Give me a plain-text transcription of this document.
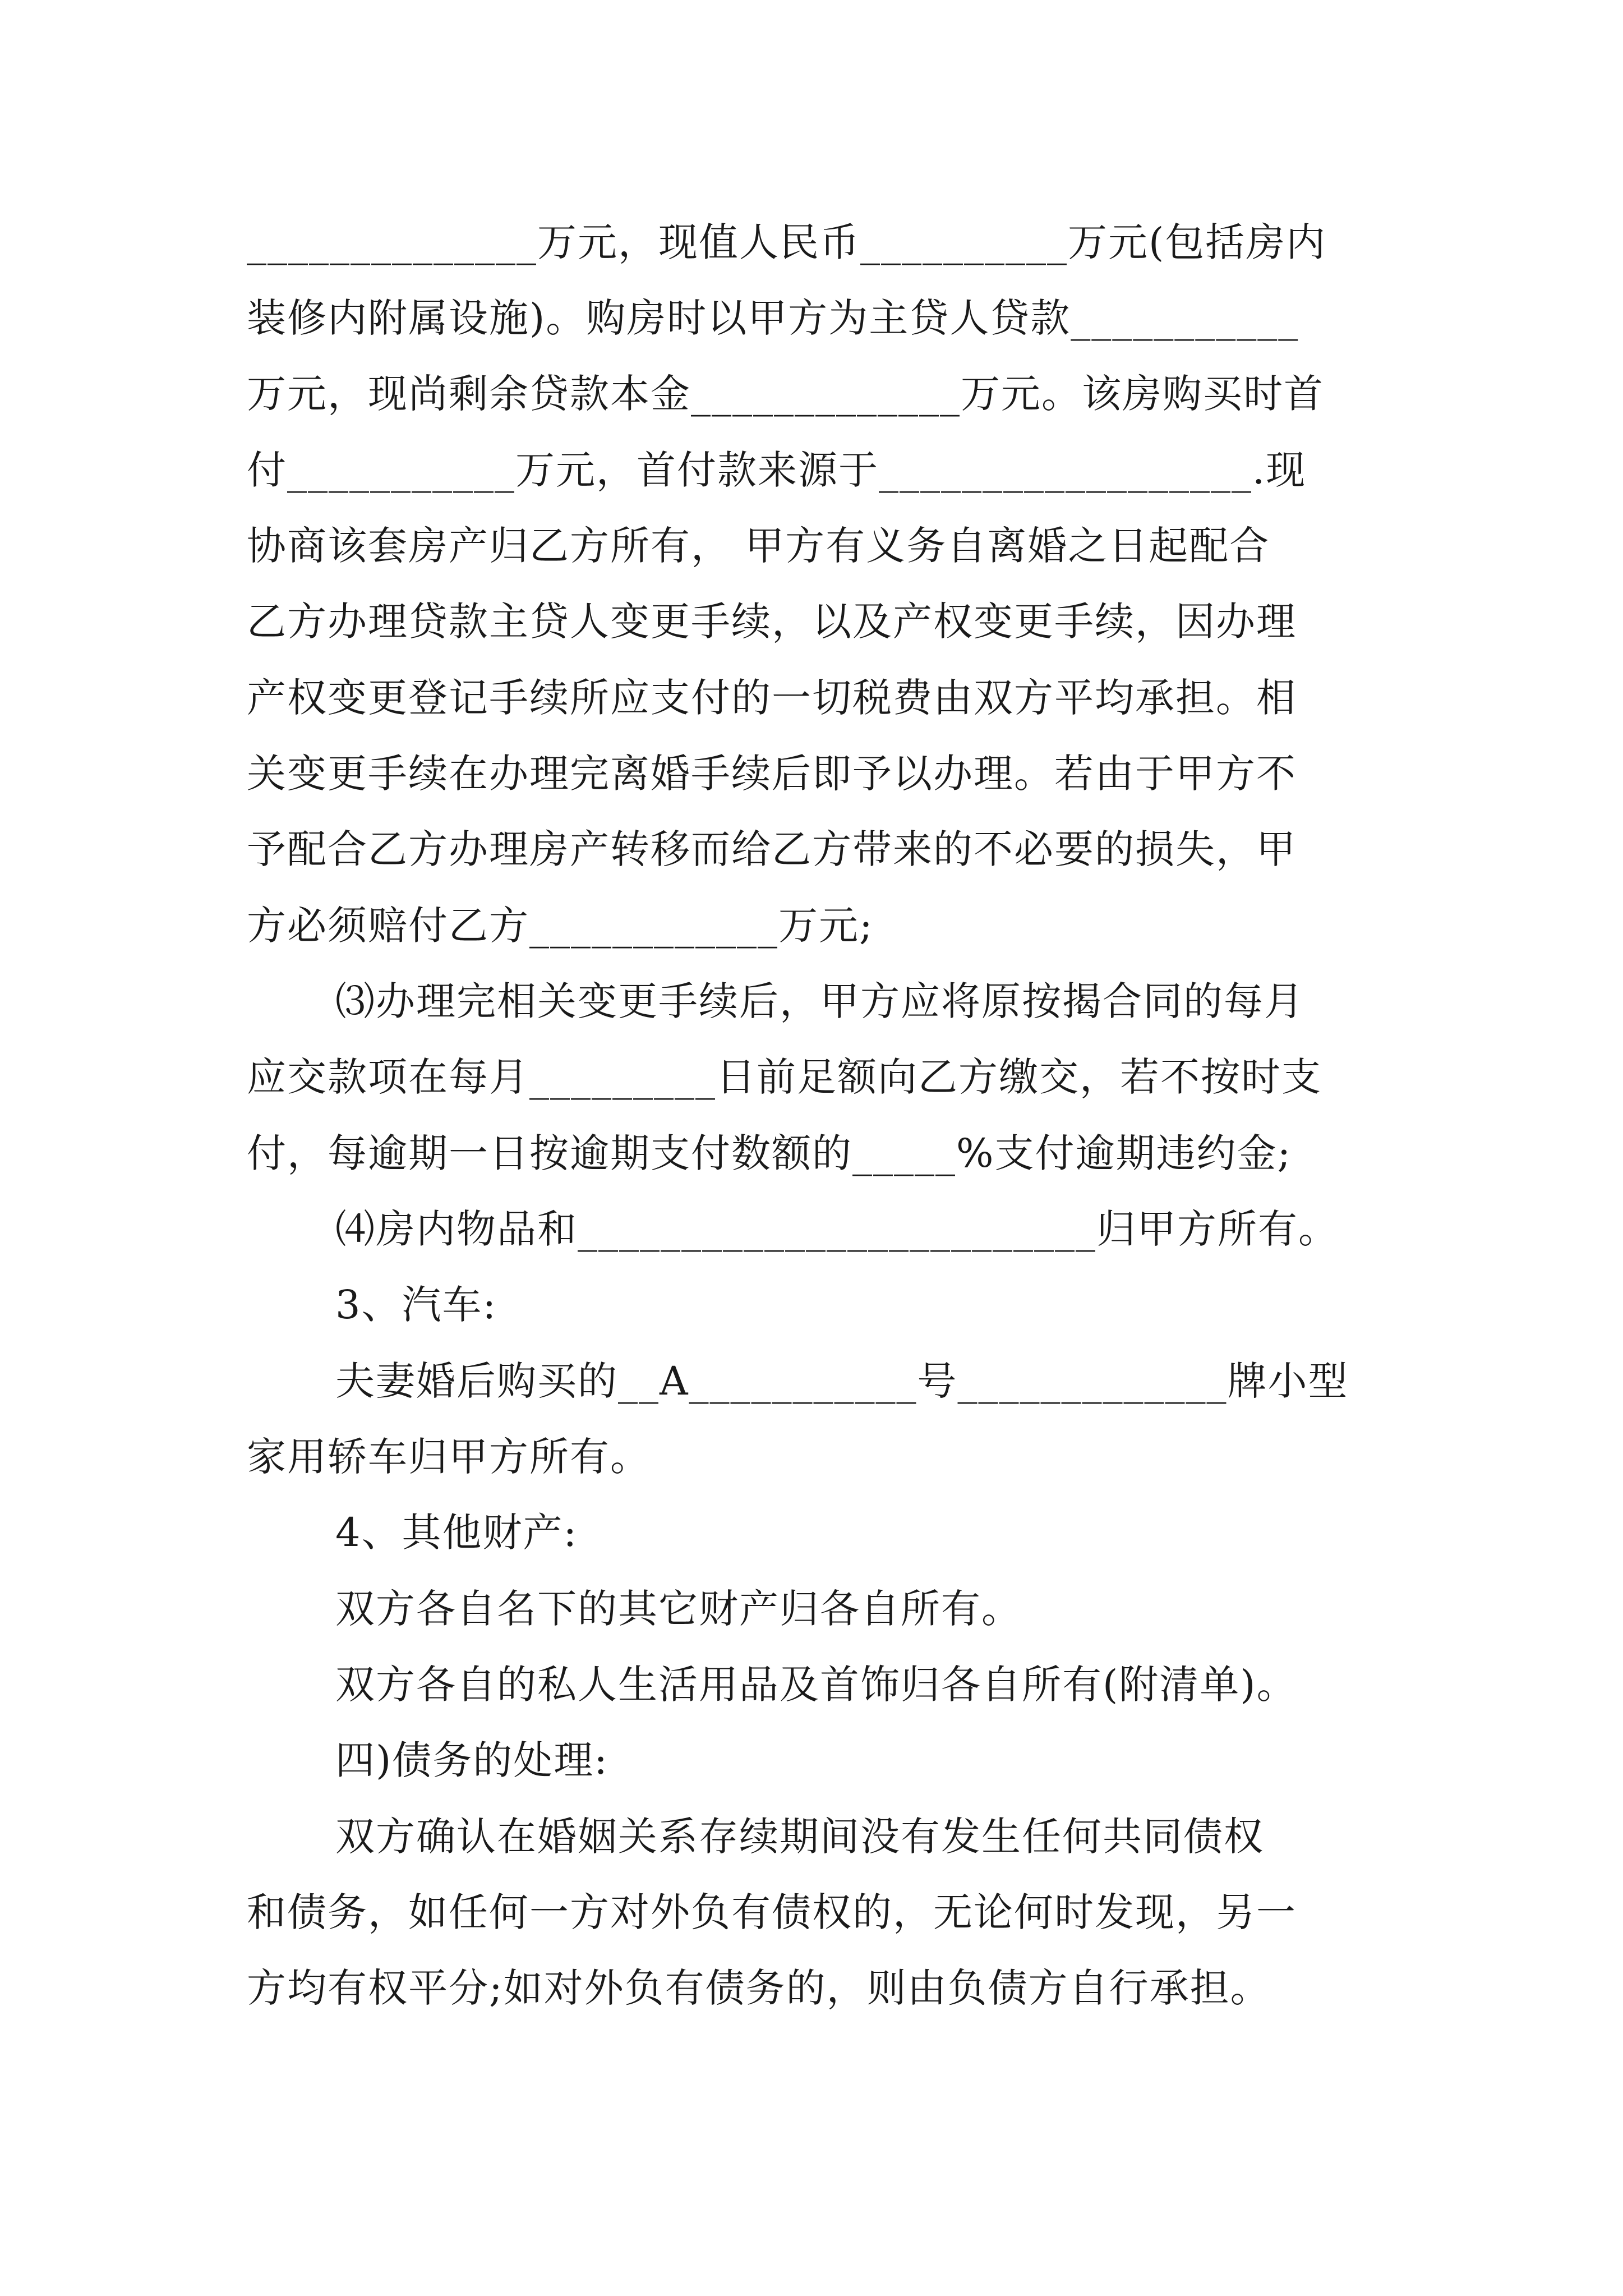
______________万元，现值人民币__________万元(包括房内
装修内附属设施)。购房时以甲方为主贷人贷款___________
万元，现尚剩余贷款本金_____________万元。该房购买时首
付___________万元，首付款来源于__________________.现
协商该套房产归乙方所有， 甲方有义务自离婚之日起配合
乙方办理贷款主贷人变更手续，以及产权变更手续，因办理
产权变更登记手续所应支付的一切税费由双方平均承担。相
关变更手续在办理完离婚手续后即予以办理。若由于甲方不
予配合乙方办理房产转移而给乙方带来的不必要的损失，甲
方必须赔付乙方____________万元;
⑶办理完相关变更手续后，甲方应将原按揭合同的每月
应交款项在每月_________日前足额向乙方缴交，若不按时支
付，每逾期一日按逾期支付数额的_____%支付逾期违约金;
⑷房内物品和_________________________归甲方所有。
3、汽车:
夫妻婚后购买的__A___________号_____________牌小型
家用轿车归甲方所有。
4、其他财产:
双方各自名下的其它财产归各自所有。
双方各自的私人生活用品及首饰归各自所有(附清单)。
四)债务的处理:
双方确认在婚姻关系存续期间没有发生任何共同债权
和债务，如任何一方对外负有债权的，无论何时发现，另一
方均有权平分;如对外负有债务的，则由负债方自行承担。
